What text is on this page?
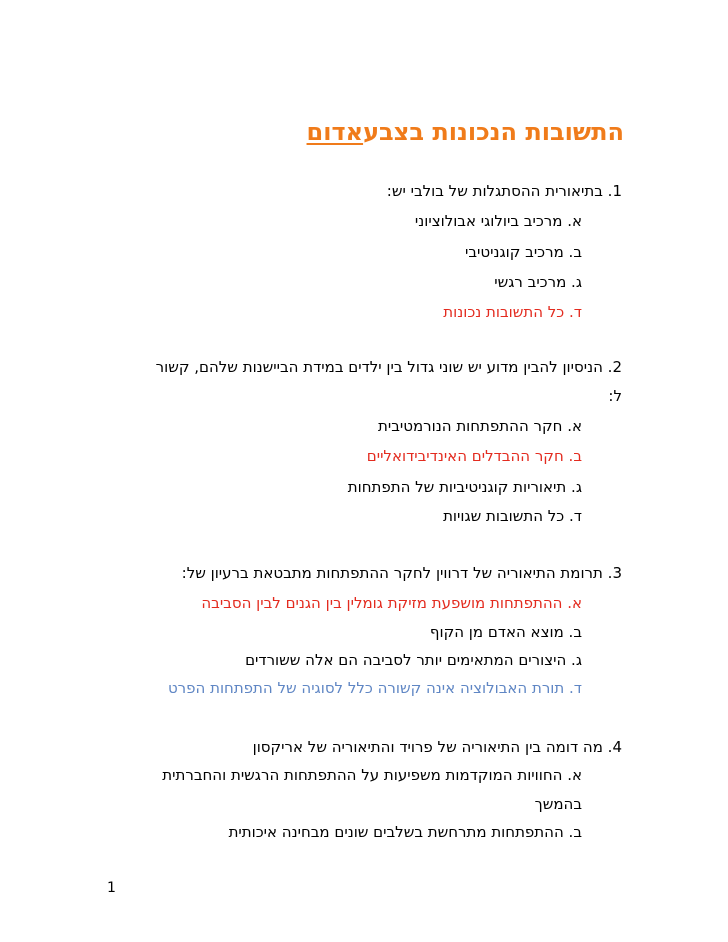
התשובות הנכונות בצבעאדום
1. בתיאורית ההסתגלות של בולבי יש:
א. מרכיב ביולוגי אבולוציוני
ב. מרכיב קוגניטיבי
ג. מרכיב רגשי
ד. כל התשובות נכונות
2. הניסיון להבין מדוע יש שוני גדול בין ילדים במידת הביישנות שלהם, קשור
ל:
א. חקר ההתפתחות הנורמטיבית
ב. חקר ההבדלים האינדיבידואליים
ג. תיאוריות קוגניטיביות של התפתחות
ד. כל התשובות שגויות
3. תרומת התיאוריה של דרווין לחקר ההתפתחות מתבטאת ברעיון של:
א. ההתפתחות מושפעת מזיקת גומלין בין הגנים לבין הסביבה
ב. מוצא האדם מן הקוף
ג. היצורים המתאימים יותר לסביבה הם אלה ששורדים
ד. תורת האבולוציה אינה קשורה כלל לסוגיה של התפתחות הפרט
4. מה דומה בין התיאוריה של פרויד והתיאוריה של אריקסון
א. החוויות המוקדמות משפיעות על ההתפתחות הרגשית והחברתית
בהמשך
ב. ההתפתחות מתרחשת בשלבים שונים מבחינה איכותית
1
